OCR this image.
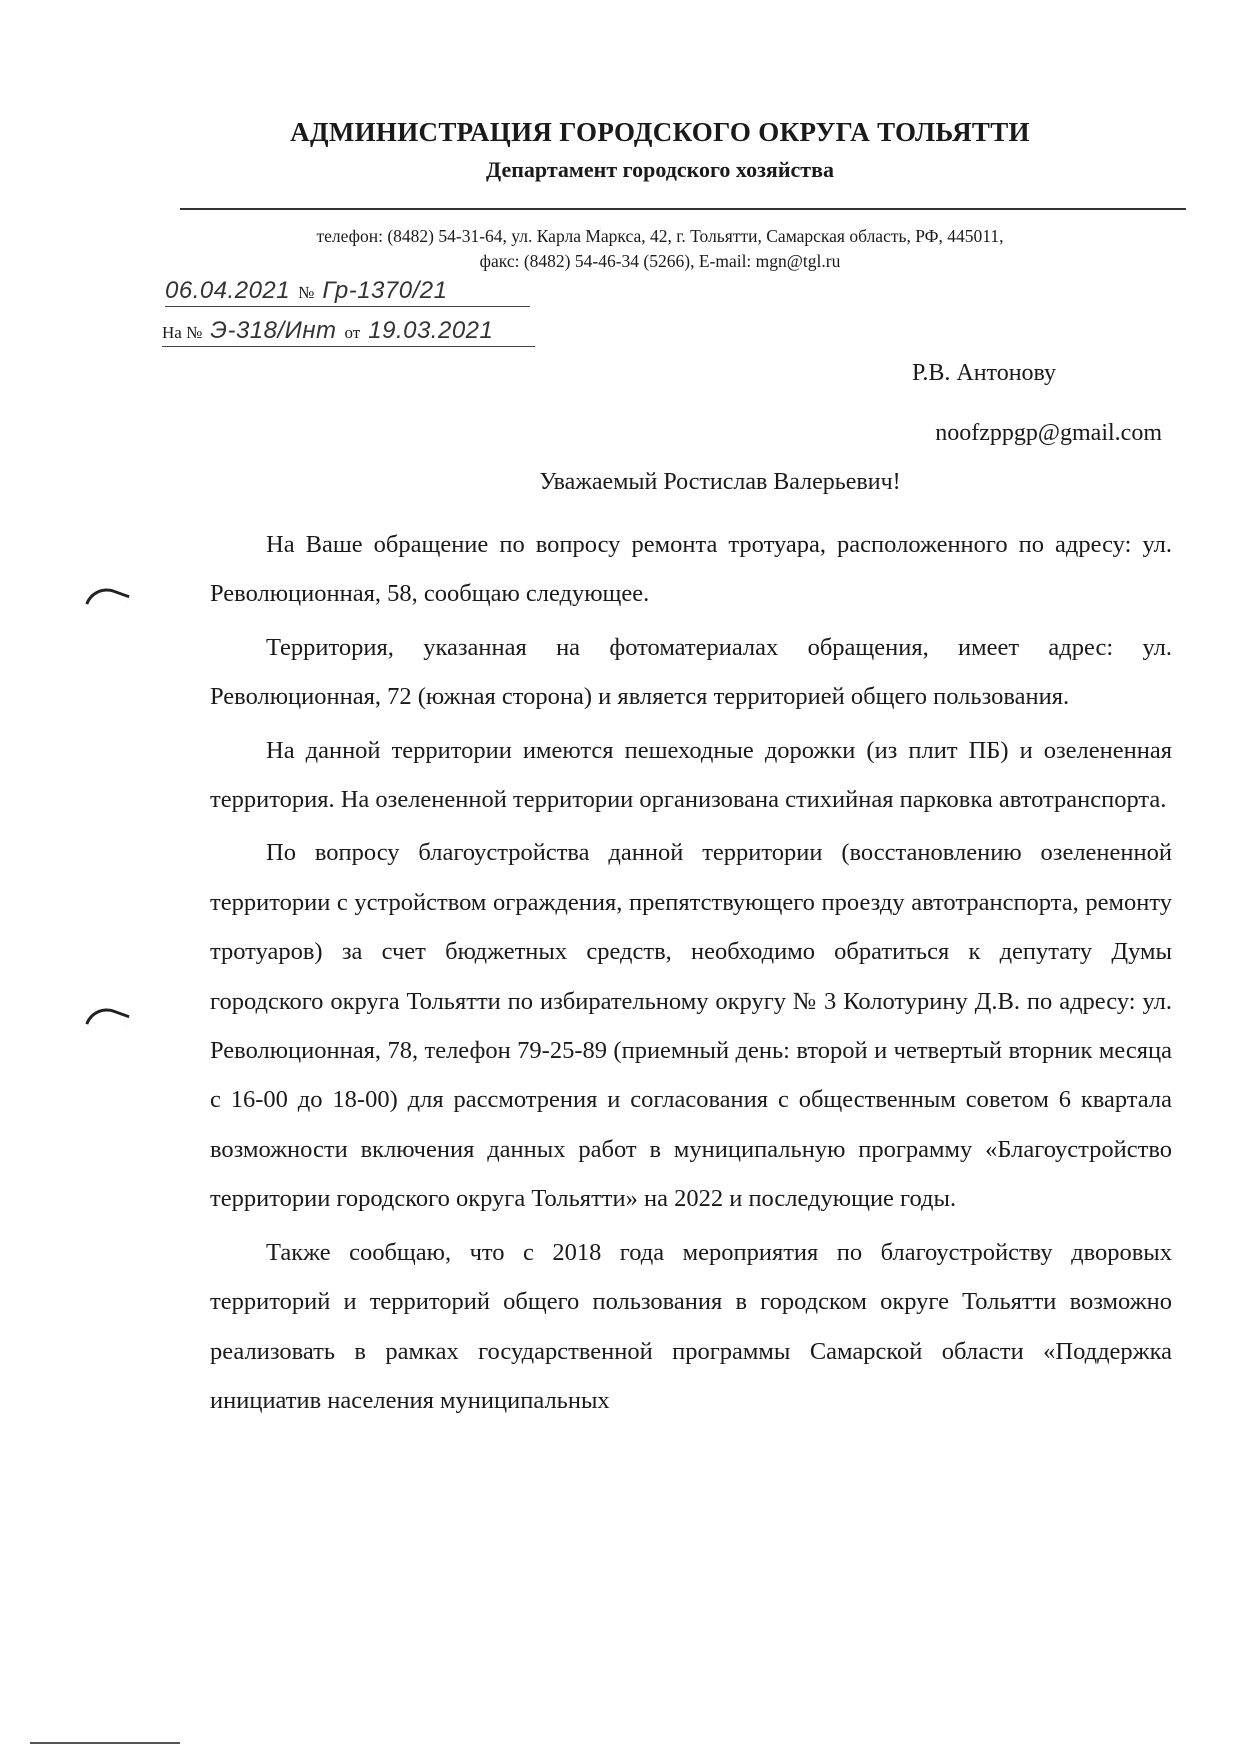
АДМИНИСТРАЦИЯ ГОРОДСКОГО ОКРУГА ТОЛЬЯТТИ
Департамент городского хозяйства
телефон: (8482) 54-31-64, ул. Карла Маркса, 42, г. Тольятти, Самарская область, РФ, 445011,
факс: (8482) 54-46-34 (5266), E-mail: mgn@tgl.ru
06.04.2021 № Гр-1370/21
На № Э-318/Инт от 19.03.2021
Р.В. Антонову
noofzppgp@gmail.com
Уважаемый Ростислав Валерьевич!

На Ваше обращение по вопросу ремонта тротуара, расположенного по адресу: ул. Революционная, 58, сообщаю следующее.

Территория, указанная на фотоматериалах обращения, имеет адрес: ул. Революционная, 72 (южная сторона) и является территорией общего пользования.

На данной территории имеются пешеходные дорожки (из плит ПБ) и озелененная территория. На озелененной территории организована стихийная парковка автотранспорта.

По вопросу благоустройства данной территории (восстановлению озелененной территории с устройством ограждения, препятствующего проезду автотранспорта, ремонту тротуаров) за счет бюджетных средств, необходимо обратиться к депутату Думы городского округа Тольятти по избирательному округу № 3 Колотурину Д.В. по адресу: ул. Революционная, 78, телефон 79-25-89 (приемный день: второй и четвертый вторник месяца с 16-00 до 18-00) для рассмотрения и согласования с общественным советом 6 квартала возможности включения данных работ в муниципальную программу «Благоустройство территории городского округа Тольятти» на 2022 и последующие годы.

Также сообщаю, что с 2018 года мероприятия по благоустройству дворовых территорий и территорий общего пользования в городском округе Тольятти возможно реализовать в рамках государственной программы Самарской области «Поддержка инициатив населения муниципальных
